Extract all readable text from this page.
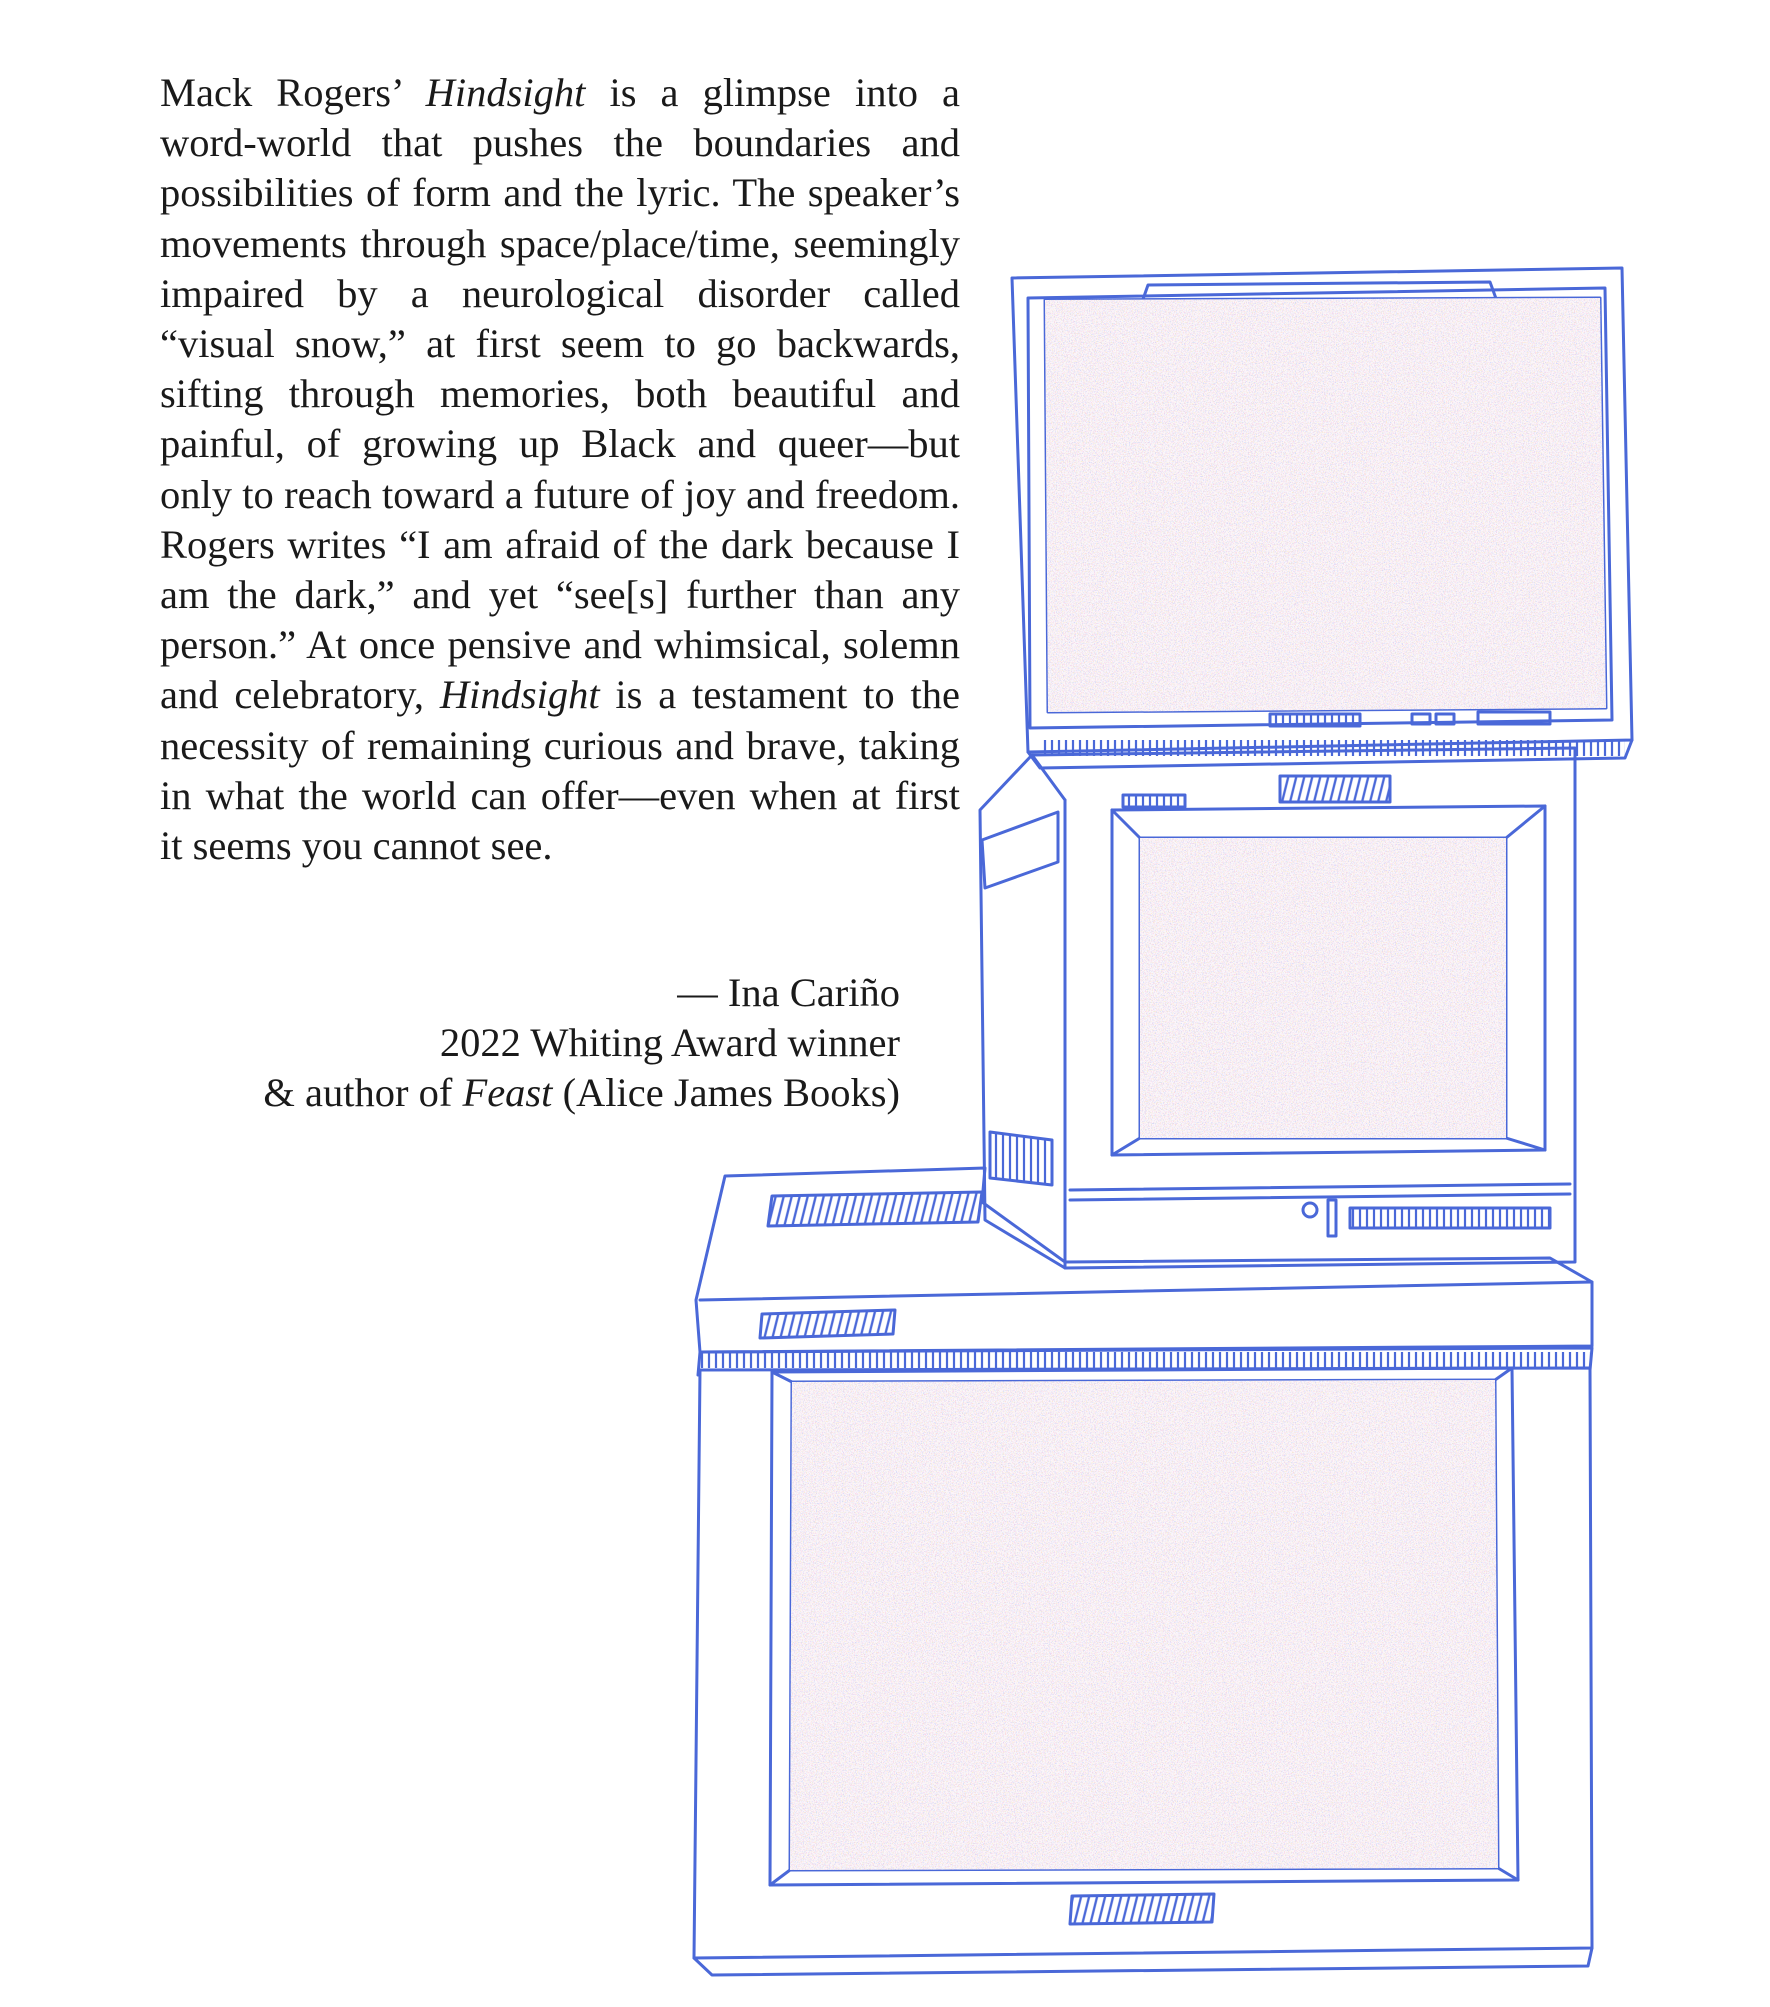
Mack Rogers’ Hindsight is a glimpse into a word-world that pushes the boundaries and possibilities of form and the lyric. The speaker’s movements through space/place/time, seemingly impaired by a neurological disorder called “visual snow,” at first seem to go backwards, sifting through memories, both beautiful and painful, of growing up Black and queer—but only to reach toward a future of joy and freedom. Rogers writes “I am afraid of the dark because I am the dark,” and yet “see[s] further than any person.” At once pensive and whimsical, solemn and celebratory, Hindsight is a testament to the necessity of remaining curious and brave, taking in what the world can offer—even when at first it seems you cannot see.

— Ina Cariño
2022 Whiting Award winner
& author of Feast (Alice James Books)
